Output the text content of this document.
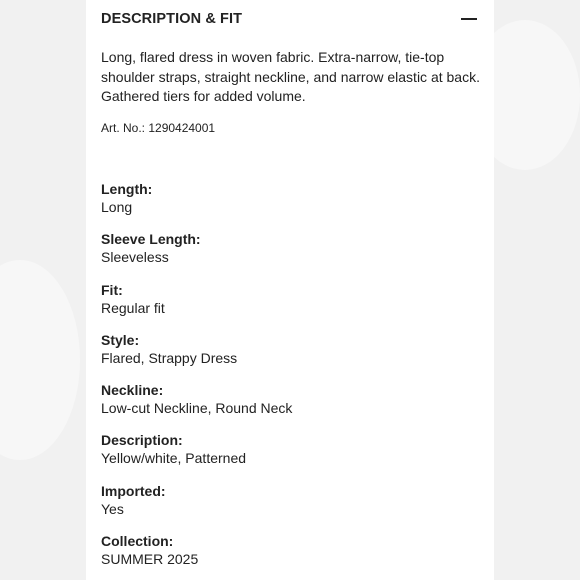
DESCRIPTION & FIT

Long, flared dress in woven fabric. Extra-narrow, tie-top shoulder straps, straight neckline, and narrow elastic at back. Gathered tiers for added volume.

Art. No.: 1290424001
Length:
Long
Sleeve Length:
Sleeveless
Fit:
Regular fit
Style:
Flared, Strappy Dress
Neckline:
Low-cut Neckline, Round Neck
Description:
Yellow/white, Patterned
Imported:
Yes
Collection:
SUMMER 2025
